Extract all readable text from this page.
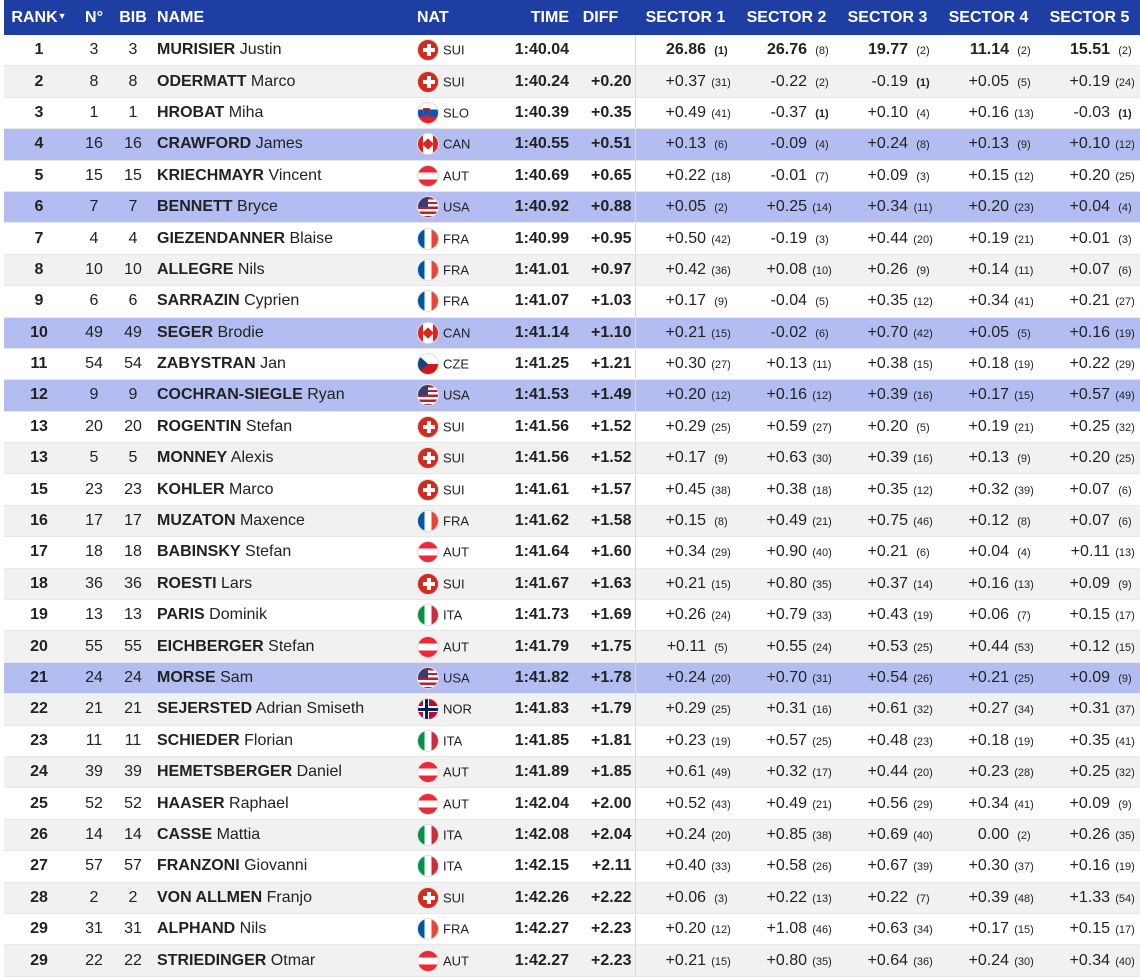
RANK▼	N°	BIB	NAME	NAT	TIME	DIFF	SECTOR 1	SECTOR 2	SECTOR 3	SECTOR 4	SECTOR 5
1	3	3	MURISIER Justin	SUI	1:40.04		26.86 (1)	26.76 (8)	19.77 (2)	11.14 (2)	15.51 (2)
2	8	8	ODERMATT Marco	SUI	1:40.24	+0.20	+0.37 (31)	-0.22 (2)	-0.19 (1)	+0.05 (5)	+0.19 (24)
3	1	1	HROBAT Miha	SLO	1:40.39	+0.35	+0.49 (41)	-0.37 (1)	+0.10 (4)	+0.16 (13)	-0.03 (1)
4	16	16	CRAWFORD James	CAN	1:40.55	+0.51	+0.13 (6)	-0.09 (4)	+0.24 (8)	+0.13 (9)	+0.10 (12)
5	15	15	KRIECHMAYR Vincent	AUT	1:40.69	+0.65	+0.22 (18)	-0.01 (7)	+0.09 (3)	+0.15 (12)	+0.20 (25)
6	7	7	BENNETT Bryce	USA	1:40.92	+0.88	+0.05 (2)	+0.25 (14)	+0.34 (11)	+0.20 (23)	+0.04 (4)
7	4	4	GIEZENDANNER Blaise	FRA	1:40.99	+0.95	+0.50 (42)	-0.19 (3)	+0.44 (20)	+0.19 (21)	+0.01 (3)
8	10	10	ALLEGRE Nils	FRA	1:41.01	+0.97	+0.42 (36)	+0.08 (10)	+0.26 (9)	+0.14 (11)	+0.07 (6)
9	6	6	SARRAZIN Cyprien	FRA	1:41.07	+1.03	+0.17 (9)	-0.04 (5)	+0.35 (12)	+0.34 (41)	+0.21 (27)
10	49	49	SEGER Brodie	CAN	1:41.14	+1.10	+0.21 (15)	-0.02 (6)	+0.70 (42)	+0.05 (5)	+0.16 (19)
11	54	54	ZABYSTRAN Jan	CZE	1:41.25	+1.21	+0.30 (27)	+0.13 (11)	+0.38 (15)	+0.18 (19)	+0.22 (29)
12	9	9	COCHRAN-SIEGLE Ryan	USA	1:41.53	+1.49	+0.20 (12)	+0.16 (12)	+0.39 (16)	+0.17 (15)	+0.57 (49)
13	20	20	ROGENTIN Stefan	SUI	1:41.56	+1.52	+0.29 (25)	+0.59 (27)	+0.20 (5)	+0.19 (21)	+0.25 (32)
13	5	5	MONNEY Alexis	SUI	1:41.56	+1.52	+0.17 (9)	+0.63 (30)	+0.39 (16)	+0.13 (9)	+0.20 (25)
15	23	23	KOHLER Marco	SUI	1:41.61	+1.57	+0.45 (38)	+0.38 (18)	+0.35 (12)	+0.32 (39)	+0.07 (6)
16	17	17	MUZATON Maxence	FRA	1:41.62	+1.58	+0.15 (8)	+0.49 (21)	+0.75 (46)	+0.12 (8)	+0.07 (6)
17	18	18	BABINSKY Stefan	AUT	1:41.64	+1.60	+0.34 (29)	+0.90 (40)	+0.21 (6)	+0.04 (4)	+0.11 (13)
18	36	36	ROESTI Lars	SUI	1:41.67	+1.63	+0.21 (15)	+0.80 (35)	+0.37 (14)	+0.16 (13)	+0.09 (9)
19	13	13	PARIS Dominik	ITA	1:41.73	+1.69	+0.26 (24)	+0.79 (33)	+0.43 (19)	+0.06 (7)	+0.15 (17)
20	55	55	EICHBERGER Stefan	AUT	1:41.79	+1.75	+0.11 (5)	+0.55 (24)	+0.53 (25)	+0.44 (53)	+0.12 (15)
21	24	24	MORSE Sam	USA	1:41.82	+1.78	+0.24 (20)	+0.70 (31)	+0.54 (26)	+0.21 (25)	+0.09 (9)
22	21	21	SEJERSTED Adrian Smiseth	NOR	1:41.83	+1.79	+0.29 (25)	+0.31 (16)	+0.61 (32)	+0.27 (34)	+0.31 (37)
23	11	11	SCHIEDER Florian	ITA	1:41.85	+1.81	+0.23 (19)	+0.57 (25)	+0.48 (23)	+0.18 (19)	+0.35 (41)
24	39	39	HEMETSBERGER Daniel	AUT	1:41.89	+1.85	+0.61 (49)	+0.32 (17)	+0.44 (20)	+0.23 (28)	+0.25 (32)
25	52	52	HAASER Raphael	AUT	1:42.04	+2.00	+0.52 (43)	+0.49 (21)	+0.56 (29)	+0.34 (41)	+0.09 (9)
26	14	14	CASSE Mattia	ITA	1:42.08	+2.04	+0.24 (20)	+0.85 (38)	+0.69 (40)	0.00 (2)	+0.26 (35)
27	57	57	FRANZONI Giovanni	ITA	1:42.15	+2.11	+0.40 (33)	+0.58 (26)	+0.67 (39)	+0.30 (37)	+0.16 (19)
28	2	2	VON ALLMEN Franjo	SUI	1:42.26	+2.22	+0.06 (3)	+0.22 (13)	+0.22 (7)	+0.39 (48)	+1.33 (54)
29	31	31	ALPHAND Nils	FRA	1:42.27	+2.23	+0.20 (12)	+1.08 (46)	+0.63 (34)	+0.17 (15)	+0.15 (17)
29	22	22	STRIEDINGER Otmar	AUT	1:42.27	+2.23	+0.21 (15)	+0.80 (35)	+0.64 (36)	+0.24 (30)	+0.34 (40)
